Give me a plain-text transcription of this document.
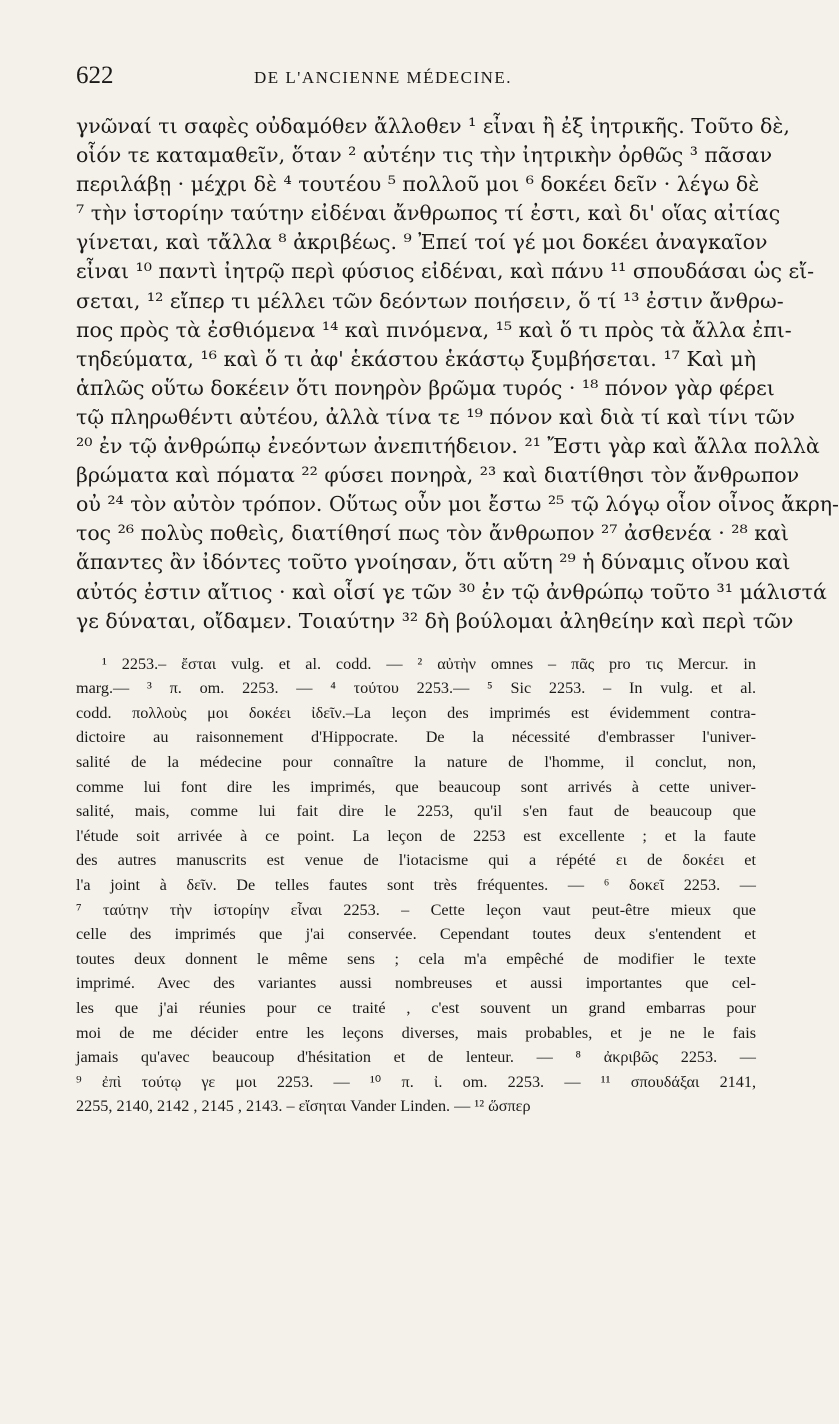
622	DE L'ANCIENNE MÉDECINE.
γνῶναί τι σαφὲς οὐδαμόθεν ἄλλοθεν ¹ εἶναι ἢ ἐξ ἰητρικῆς. Τοῦτο δὲ,
οἷόν τε καταμαθεῖν, ὅταν ² αὐτέην τις τὴν ἰητρικὴν ὀρθῶς ³ πᾶσαν
περιλάβῃ · μέχρι δὲ ⁴ τουτέου ⁵ πολλοῦ μοι ⁶ δοκέει δεῖν · λέγω δὲ
⁷ τὴν ἱστορίην ταύτην εἰδέναι ἄνθρωπος τί ἐστι, καὶ δι' οἵας αἰτίας
γίνεται, καὶ τἄλλα ⁸ ἀκριβέως. ⁹ Ἐπεί τοί γέ μοι δοκέει ἀναγκαῖον
εἶναι ¹⁰ παντὶ ἰητρῷ περὶ φύσιος εἰδέναι, καὶ πάνυ ¹¹ σπουδάσαι ὡς εἴ-
σεται, ¹² εἴπερ τι μέλλει τῶν δεόντων ποιήσειν, ὅ τί ¹³ ἐστιν ἄνθρω-
πος πρὸς τὰ ἐσθιόμενα ¹⁴ καὶ πινόμενα, ¹⁵ καὶ ὅ τι πρὸς τὰ ἄλλα ἐπι-
τηδεύματα, ¹⁶ καὶ ὅ τι ἀφ' ἑκάστου ἑκάστῳ ξυμβήσεται. ¹⁷ Καὶ μὴ
ἁπλῶς οὕτω δοκέειν ὅτι πονηρὸν βρῶμα τυρός · ¹⁸ πόνον γὰρ φέρει
τῷ πληρωθέντι αὐτέου, ἀλλὰ τίνα τε ¹⁹ πόνον καὶ διὰ τί καὶ τίνι τῶν
²⁰ ἐν τῷ ἀνθρώπῳ ἐνεόντων ἀνεπιτήδειον. ²¹ Ἔστι γὰρ καὶ ἄλλα πολλὰ
βρώματα καὶ πόματα ²² φύσει πονηρὰ, ²³ καὶ διατίθησι τὸν ἄνθρωπον
οὐ ²⁴ τὸν αὐτὸν τρόπον. Οὕτως οὖν μοι ἔστω ²⁵ τῷ λόγῳ οἷον οἶνος ἄκρη-
τος ²⁶ πολὺς ποθεὶς, διατίθησί πως τὸν ἄνθρωπον ²⁷ ἀσθενέα · ²⁸ καὶ
ἅπαντες ἂν ἰδόντες τοῦτο γνοίησαν, ὅτι αὕτη ²⁹ ἡ δύναμις οἴνου καὶ
αὐτός ἐστιν αἴτιος · καὶ οἷσί γε τῶν ³⁰ ἐν τῷ ἀνθρώπῳ τοῦτο ³¹ μάλιστά
γε δύναται, οἴδαμεν. Τοιαύτην ³² δὴ βούλομαι ἀληθείην καὶ περὶ τῶν
¹ 2253.– ἔσται vulg. et al. codd. — ² αὐτὴν omnes – πᾶς pro τις Mercur. in
marg.— ³ π. om. 2253. — ⁴ τούτου 2253.— ⁵ Sic 2253. – In vulg. et al.
codd. πολλοὺς μοι δοκέει ἰδεῖν.–La leçon des imprimés est évidemment contra-
dictoire au raisonnement d'Hippocrate. De la nécessité d'embrasser l'univer-
salité de la médecine pour connaître la nature de l'homme, il conclut, non,
comme lui font dire les imprimés, que beaucoup sont arrivés à cette univer-
salité, mais, comme lui fait dire le 2253, qu'il s'en faut de beaucoup que
l'étude soit arrivée à ce point. La leçon de 2253 est excellente ; et la faute
des autres manuscrits est venue de l'iotacisme qui a répété ει de δοκέει et
l'a joint à δεῖν. De telles fautes sont très fréquentes. — ⁶ δοκεῖ 2253. —
⁷ ταύτην τὴν ἱστορίην εἶναι 2253. – Cette leçon vaut peut-être mieux que
celle des imprimés que j'ai conservée. Cependant toutes deux s'entendent et
toutes deux donnent le même sens ; cela m'a empêché de modifier le texte
imprimé. Avec des variantes aussi nombreuses et aussi importantes que cel-
les que j'ai réunies pour ce traité , c'est souvent un grand embarras pour
moi de me décider entre les leçons diverses, mais probables, et je ne le fais
jamais qu'avec beaucoup d'hésitation et de lenteur. — ⁸ ἀκριβῶς 2253. —
⁹ ἐπὶ τούτῳ γε μοι 2253. — ¹⁰ π. ἰ. om. 2253. — ¹¹ σπουδάξαι 2141,
2255, 2140, 2142 , 2145 , 2143. – εἴσηται Vander Linden. — ¹² ὥσπερ
